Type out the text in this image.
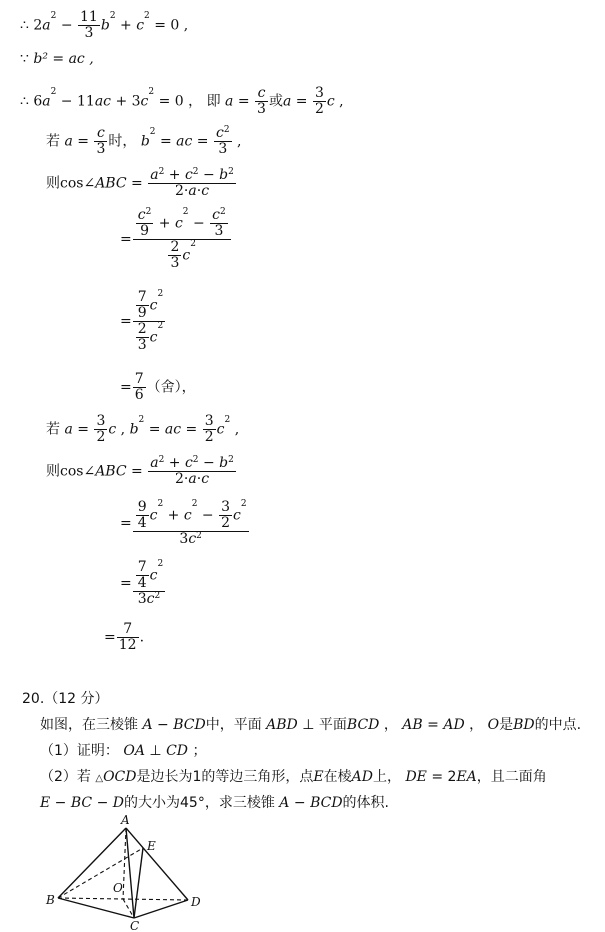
∴ $2a^2 - \frac{11}{3} b^2 + c^2 = 0$ ,
∵ b² = ac ,
∴ $6a^2 - 11ac + 3c^2 = 0$ ， 即 $a = \frac{c}{3}$ 或$a = \frac{3}{2}$ c ,
若 $a = \frac{c}{3}$ 时， $b^2$ = ac = $\frac{c^2}{3}$ ,
则cos∠ABC = $\frac{a^2 + c^2 - b^2}{2\cdot a\cdot c}$
= $\frac{\frac{c^2}{9} + c^2 - \frac{c^2}{3}}{\frac{2}{3} c^2}$
= $\frac{\frac{7}{9} c^2}{\frac{2}{3} c^2}$
= $\frac{7}{6}$ （舍），
若 $a = \frac{3}{2}$ c , $b^2$ = ac = $\frac{3}{2} c^2$ ,
则cos∠ABC = $\frac{a^2 + c^2 - b^2}{2\cdot a\cdot c}$
= $\frac{\frac{9}{4} c^2 + c^2 - \frac{3}{2} c^2}{3c^2}$
= $\frac{\frac{7}{4} c^2}{3c^2}$
= $\frac{7}{12}$ .
20.（12 分）
如图，在三棱锥 A − BCD中，平面 ABD ⊥ 平面BCD ， AB = AD ， O是BD的中点.
（1）证明： OA ⊥ CD ；
（2）若 △OCD是边长为1的等边三角形，点E在棱AD上， DE = 2EA，且二面角
E − BC − D的大小为45°，求三棱锥 A − BCD的体积.
A
E
O
B	D
C
